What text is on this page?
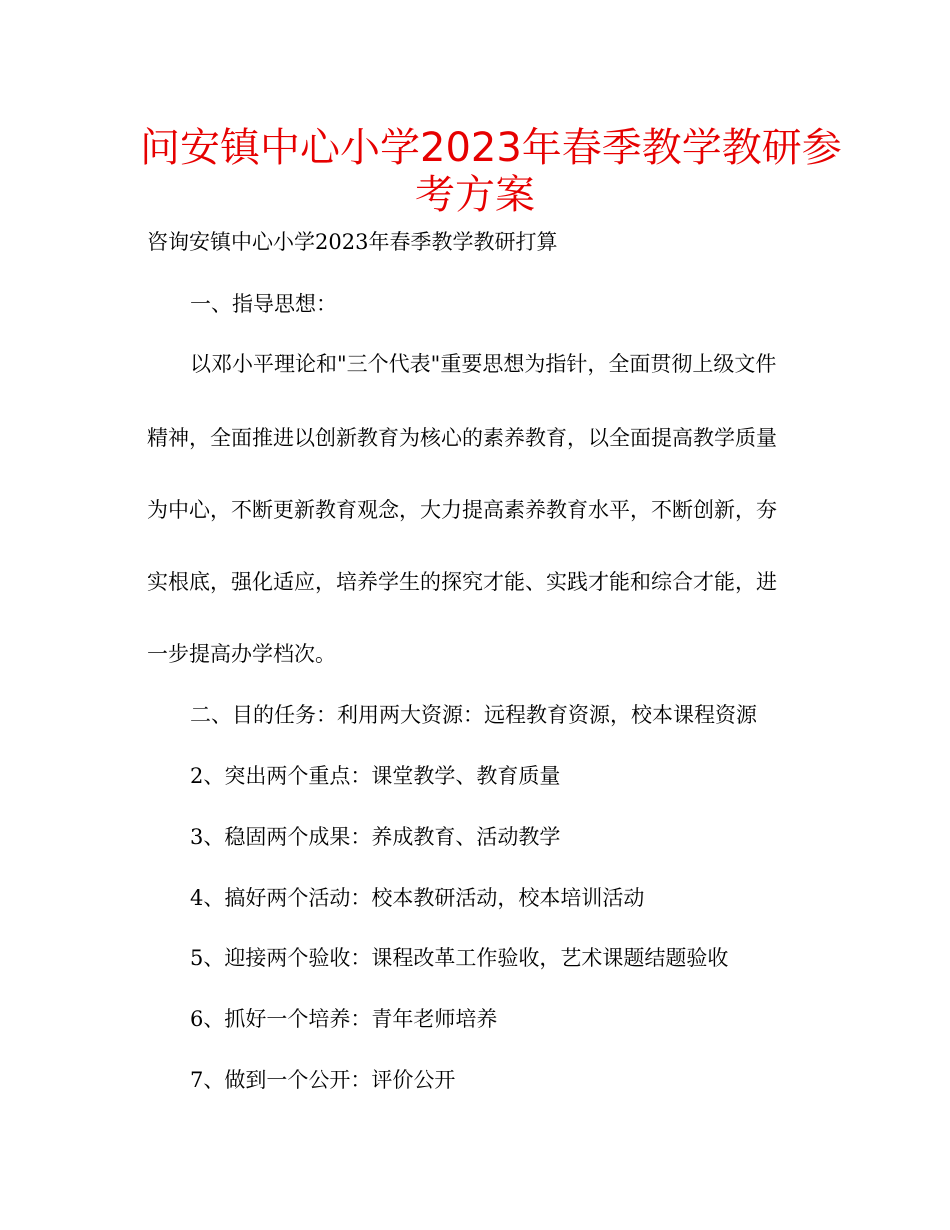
问安镇中心小学2023年春季教学教研参
考方案

咨询安镇中心小学2023年春季教学教研打算

一、指导思想：

以邓小平理论和"三个代表"重要思想为指针，全面贯彻上级文件

精神，全面推进以创新教育为核心的素养教育，以全面提高教学质量

为中心，不断更新教育观念，大力提高素养教育水平，不断创新，夯

实根底，强化适应，培养学生的探究才能、实践才能和综合才能，进

一步提高办学档次。

二、目的任务：利用两大资源：远程教育资源，校本课程资源

2、突出两个重点：课堂教学、教育质量

3、稳固两个成果：养成教育、活动教学

4、搞好两个活动：校本教研活动，校本培训活动

5、迎接两个验收：课程改革工作验收，艺术课题结题验收

6、抓好一个培养：青年老师培养

7、做到一个公开：评价公开
